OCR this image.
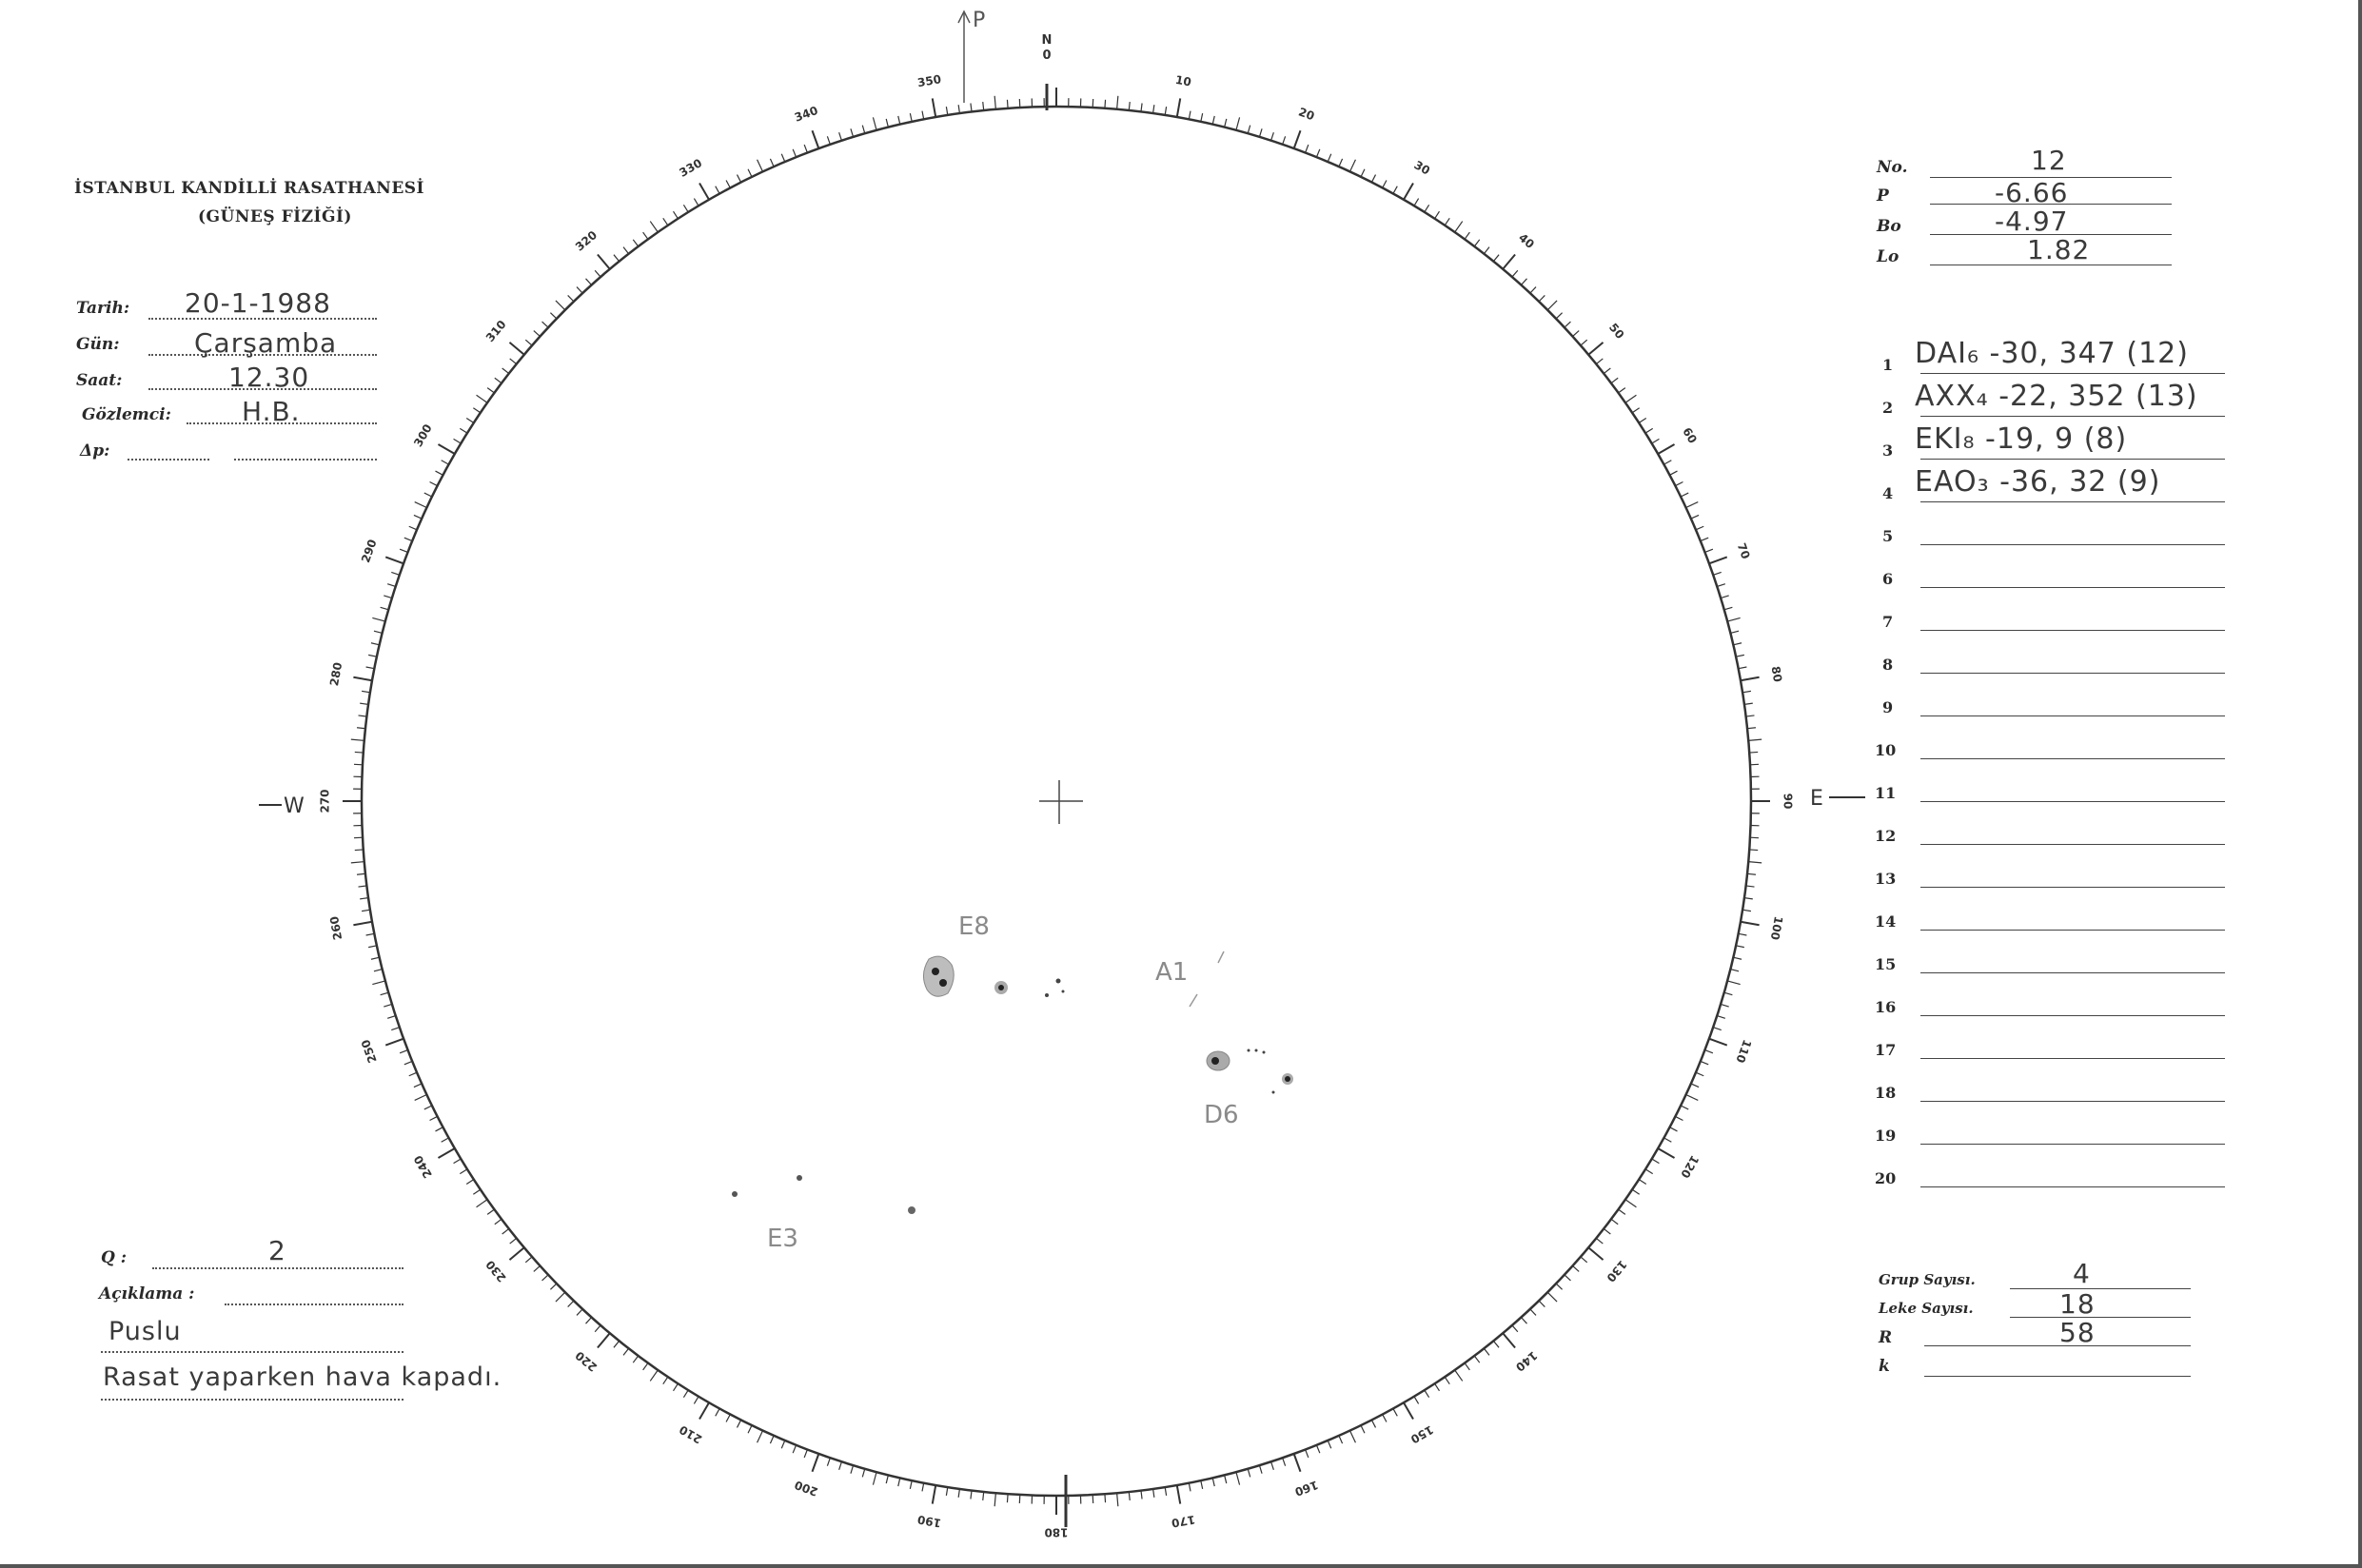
10
20
30
40
50
60
70
80
90
100
110
120
130
140
150
160
170
180
190
200
210
220
230
240
250
260
270
280
290
300
310
320
330
340
350
N
0
P
W	E
E8
A1
D6
E3
İSTANBUL KANDİLLİ RASATHANESİ
(GÜNEŞ FİZİĞİ)
Tarih: 20-1-1988
Gün:	Çarşamba
Saat:	12.30
Gözlemci:	H.B.
Δp:
No.	12
P	-6.66
Bo	-4.97
Lo	1.82
1 DAI₆ -30, 347 (12)
2 AXX₄ -22, 352 (13)
3 EKI₈ -19, 9 (8)
4 EAO₃ -36, 32 (9)
5
6
7
8
9
10
11
12
13
14
15
16
17
18
19
20
Grup Sayısı.	4
Leke Sayısı.	18
R	58
k
Q :	2
Açıklama :
Puslu
Rasat yaparken hava kapadı.
